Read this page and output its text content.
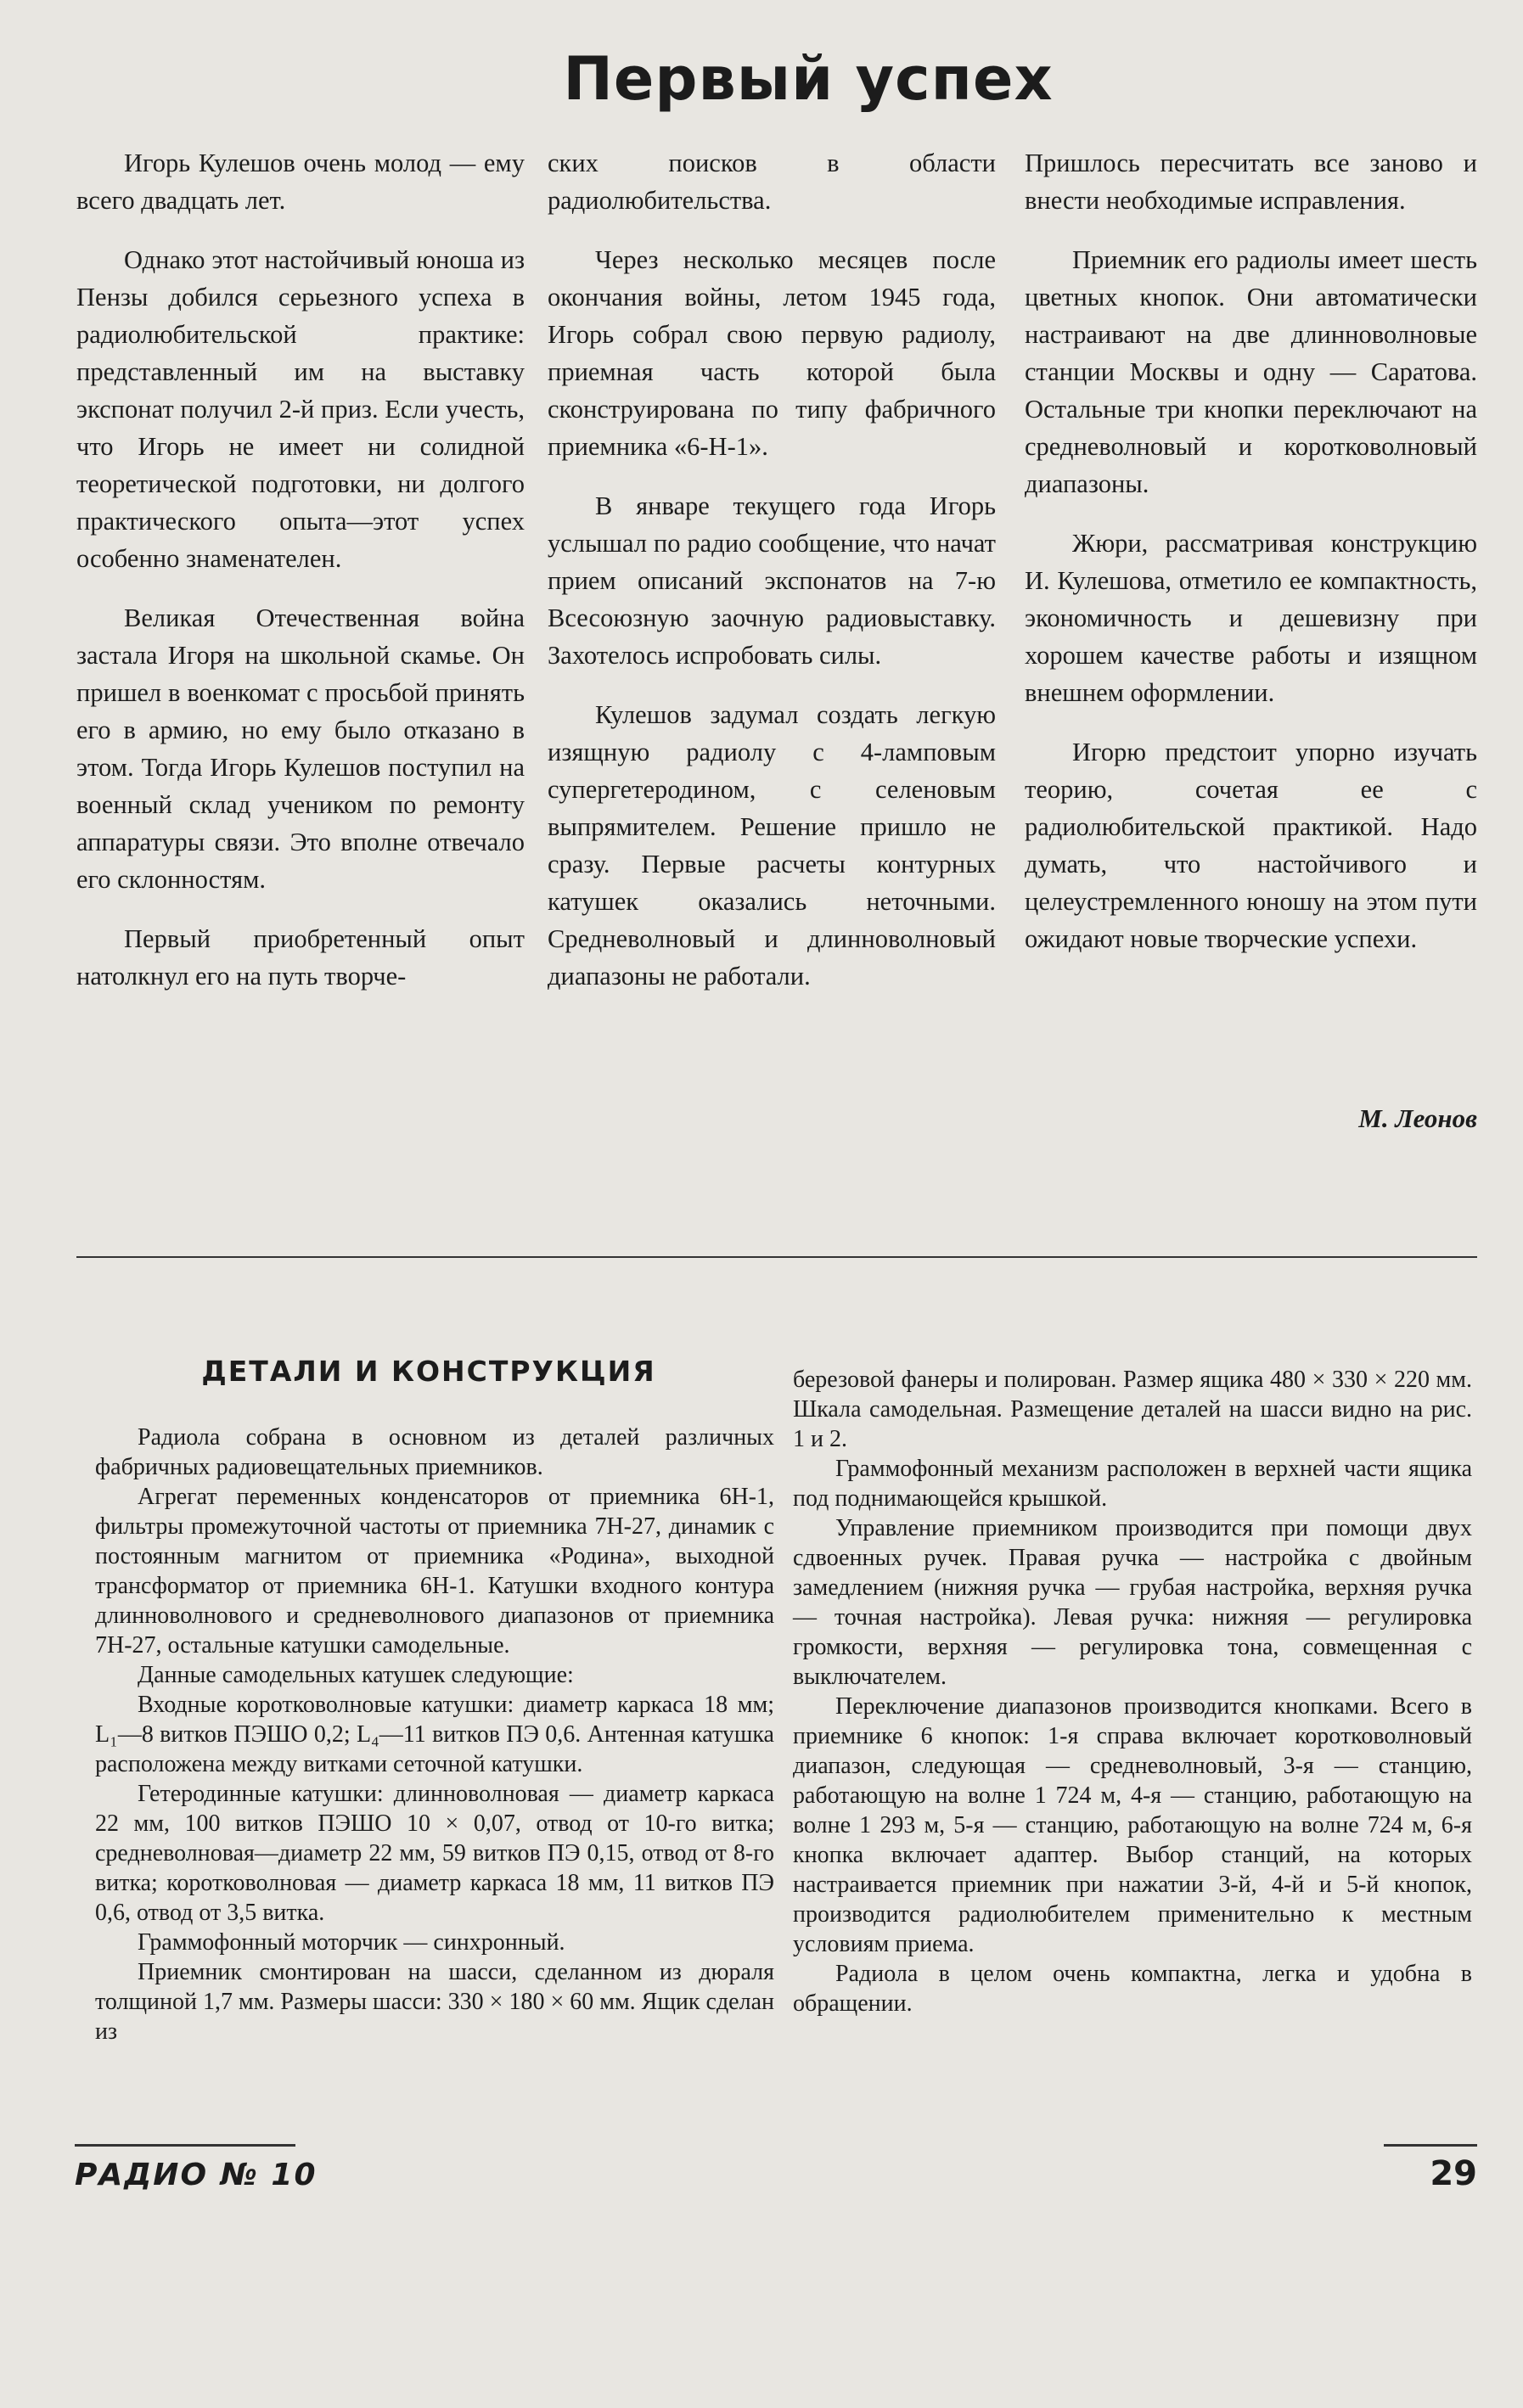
Первый успех

Игорь Кулешов очень молод — ему всего двадцать лет.

Однако этот настойчивый юноша из Пензы добился серьезного успеха в радиолюбительской практике: представленный им на выставку экспонат получил 2-й приз. Если учесть, что Игорь не имеет ни солидной теоретической подготовки, ни долгого практического опыта—этот успех особенно знаменателен.

Великая Отечественная война застала Игоря на школьной скамье. Он пришел в военкомат с просьбой принять его в армию, но ему было отказано в этом. Тогда Игорь Кулешов поступил на военный склад учеником по ремонту аппаратуры связи. Это вполне отвечало его склонностям.

Первый приобретенный опыт натолкнул его на путь творче-

ских поисков в области радиолюбительства.

Через несколько месяцев после окончания войны, летом 1945 года, Игорь собрал свою первую радиолу, приемная часть которой была сконструирована по типу фабричного приемника «6-Н-1».

В январе текущего года Игорь услышал по радио сообщение, что начат прием описаний экспонатов на 7-ю Всесоюзную заочную радиовыставку. Захотелось испробовать силы.

Кулешов задумал создать легкую изящную радиолу с 4-ламповым супергетеродином, с селеновым выпрямителем. Решение пришло не сразу. Первые расчеты контурных катушек оказались неточными. Средневолновый и длинноволновый диапазоны не работали.

Пришлось пересчитать все заново и внести необходимые исправления.

Приемник его радиолы имеет шесть цветных кнопок. Они автоматически настраивают на две длинноволновые станции Москвы и одну — Саратова. Остальные три кнопки переключают на средневолновый и коротковолновый диапазоны.

Жюри, рассматривая конструкцию И. Кулешова, отметило ее компактность, экономичность и дешевизну при хорошем качестве работы и изящном внешнем оформлении.

Игорю предстоит упорно изучать теорию, сочетая ее с радиолюбительской практикой. Надо думать, что настойчивого и целеустремленного юношу на этом пути ожидают новые творческие успехи.

М. Леонов
ДЕТАЛИ И КОНСТРУКЦИЯ

Радиола собрана в основном из деталей различных фабричных радиовещательных приемников.

Агрегат переменных конденсаторов от приемника 6Н-1, фильтры промежуточной частоты от приемника 7Н-27, динамик с постоянным магнитом от приемника «Родина», выходной трансформатор от приемника 6Н-1. Катушки входного контура длинноволнового и средневолнового диапазонов от приемника 7Н-27, остальные катушки самодельные.

Данные самодельных катушек следующие:

Входные коротковолновые катушки: диаметр каркаса 18 мм; L₁—8 витков ПЭШО 0,2; L₄—11 витков ПЭ 0,6. Антенная катушка расположена между витками сеточной катушки.

Гетеродинные катушки: длинноволновая — диаметр каркаса 22 мм, 100 витков ПЭШО 10 × 0,07, отвод от 10-го витка; средневолновая—диаметр 22 мм, 59 витков ПЭ 0,15, отвод от 8-го витка; коротковолновая — диаметр каркаса 18 мм, 11 витков ПЭ 0,6, отвод от 3,5 витка.

Граммофонный моторчик — синхронный.

Приемник смонтирован на шасси, сделанном из дюраля толщиной 1,7 мм. Размеры шасси: 330 × 180 × 60 мм. Ящик сделан из

березовой фанеры и полирован. Размер ящика 480 × 330 × 220 мм. Шкала самодельная. Размещение деталей на шасси видно на рис. 1 и 2.

Граммофонный механизм расположен в верхней части ящика под поднимающейся крышкой.

Управление приемником производится при помощи двух сдвоенных ручек. Правая ручка — настройка с двойным замедлением (нижняя ручка — грубая настройка, верхняя ручка — точная настройка). Левая ручка: нижняя — регулировка громкости, верхняя — регулировка тона, совмещенная с выключателем.

Переключение диапазонов производится кнопками. Всего в приемнике 6 кнопок: 1-я справа включает коротковолновый диапазон, следующая — средневолновый, 3-я — станцию, работающую на волне 1 724 м, 4-я — станцию, работающую на волне 1 293 м, 5-я — станцию, работающую на волне 724 м, 6-я кнопка включает адаптер. Выбор станций, на которых настраивается приемник при нажатии 3-й, 4-й и 5-й кнопок, производится радиолюбителем применительно к местным условиям приема.

Радиола в целом очень компактна, легка и удобна в обращении.

РАДИО № 10	29
